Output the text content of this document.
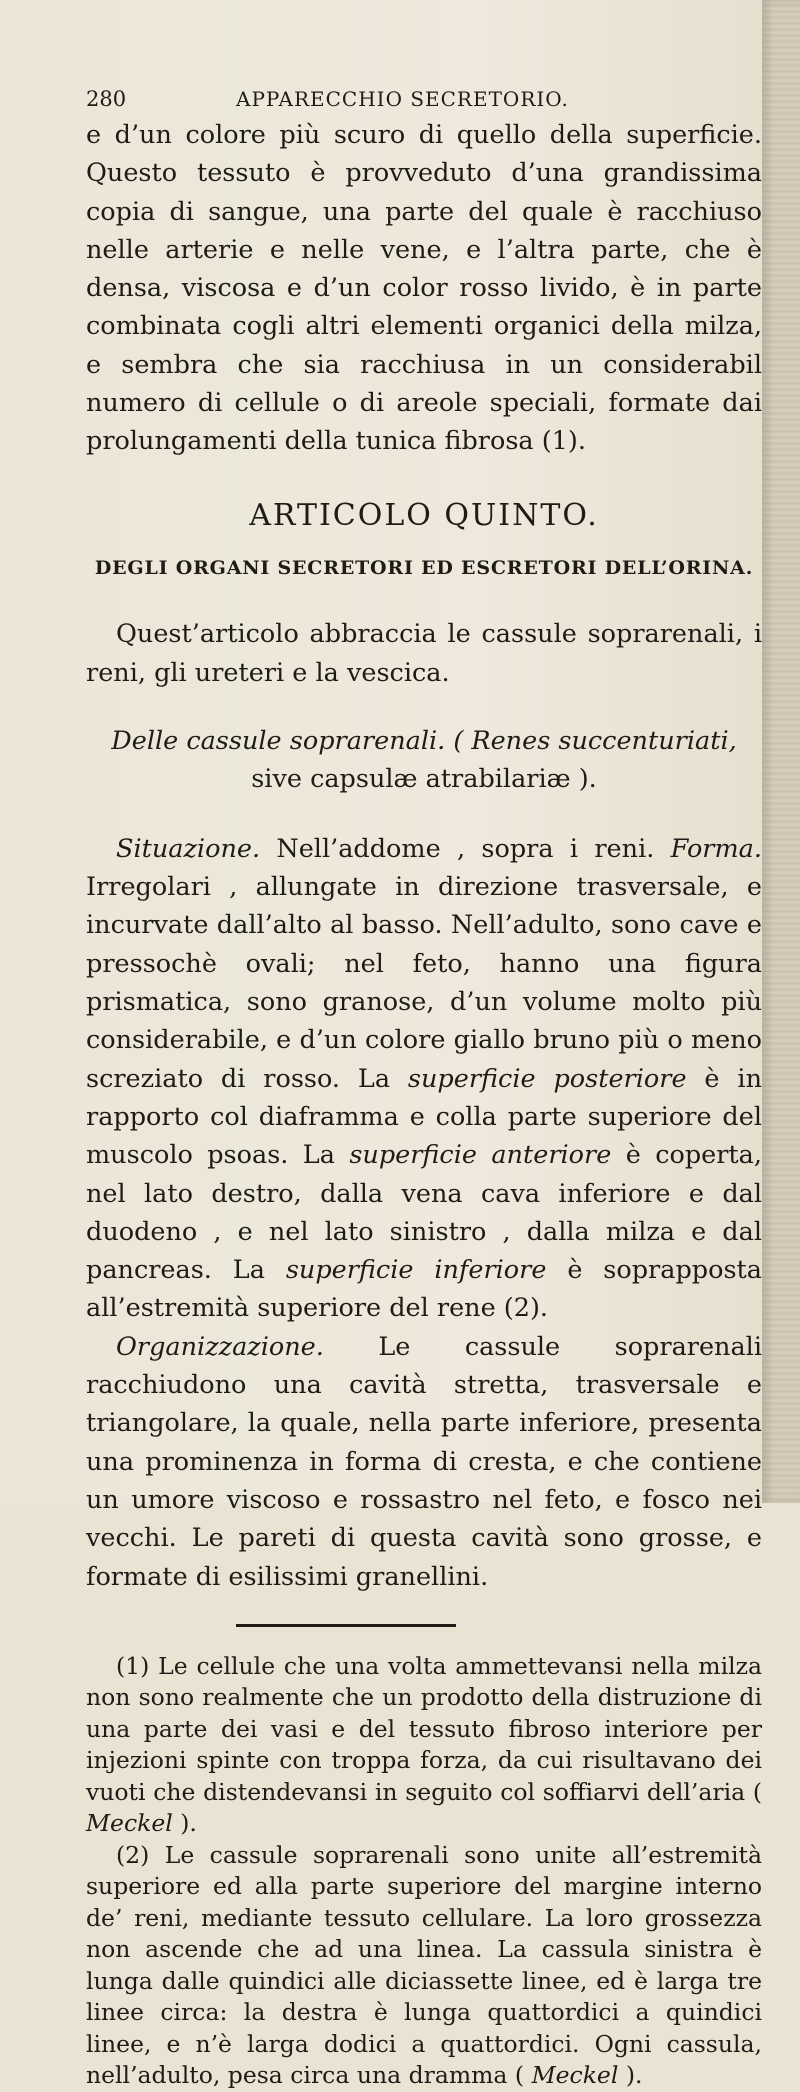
280	APPARECCHIO SECRETORIO.

e d’un colore più scuro di quello della superficie. Questo tessuto è provveduto d’una grandissima copia di sangue, una parte del quale è racchiuso nelle arterie e nelle vene, e l’altra parte, che è densa, viscosa e d’un color rosso livido, è in parte combinata cogli altri elementi organici della milza, e sembra che sia racchiusa in un considerabil numero di cellule o di areole speciali, formate dai prolungamenti della tunica fibrosa (1).

ARTICOLO QUINTO.
DEGLI ORGANI SECRETORI ED ESCRETORI DELL’ORINA.

Quest’articolo abbraccia le cassule soprarenali, i reni, gli ureteri e la vescica.

Delle cassule soprarenali. ( Renes succenturiati,
sive capsulæ atrabilariæ ).

Situazione. Nell’addome , sopra i reni. Forma. Irregolari , allungate in direzione trasversale, e incurvate dall’alto al basso. Nell’adulto, sono cave e pressochè ovali; nel feto, hanno una figura prismatica, sono granose, d’un volume molto più considerabile, e d’un colore giallo bruno più o meno screziato di rosso. La superficie posteriore è in rapporto col diaframma e colla parte superiore del muscolo psoas. La superficie anteriore è coperta, nel lato destro, dalla vena cava inferiore e dal duodeno , e nel lato sinistro , dalla milza e dal pancreas. La superficie inferiore è soprapposta all’estremità superiore del rene (2).

Organizzazione. Le cassule soprarenali racchiudono una cavità stretta, trasversale e triangolare, la quale, nella parte inferiore, presenta una prominenza in forma di cresta, e che contiene un umore viscoso e rossastro nel feto, e fosco nei vecchi. Le pareti di questa cavità sono grosse, e formate di esilissimi granellini.

(1) Le cellule che una volta ammettevansi nella milza non sono realmente che un prodotto della distruzione di una parte dei vasi e del tessuto fibroso interiore per injezioni spinte con troppa forza, da cui risultavano dei vuoti che distendevansi in seguito col soffiarvi dell’aria ( Meckel ).

(2) Le cassule soprarenali sono unite all’estremità superiore ed alla parte superiore del margine interno de’ reni, mediante tessuto cellulare. La loro grossezza non ascende che ad una linea. La cassula sinistra è lunga dalle quindici alle diciassette linee, ed è larga tre linee circa: la destra è lunga quattordici a quindici linee, e n’è larga dodici a quattordici. Ogni cassula, nell’adulto, pesa circa una dramma ( Meckel ).
